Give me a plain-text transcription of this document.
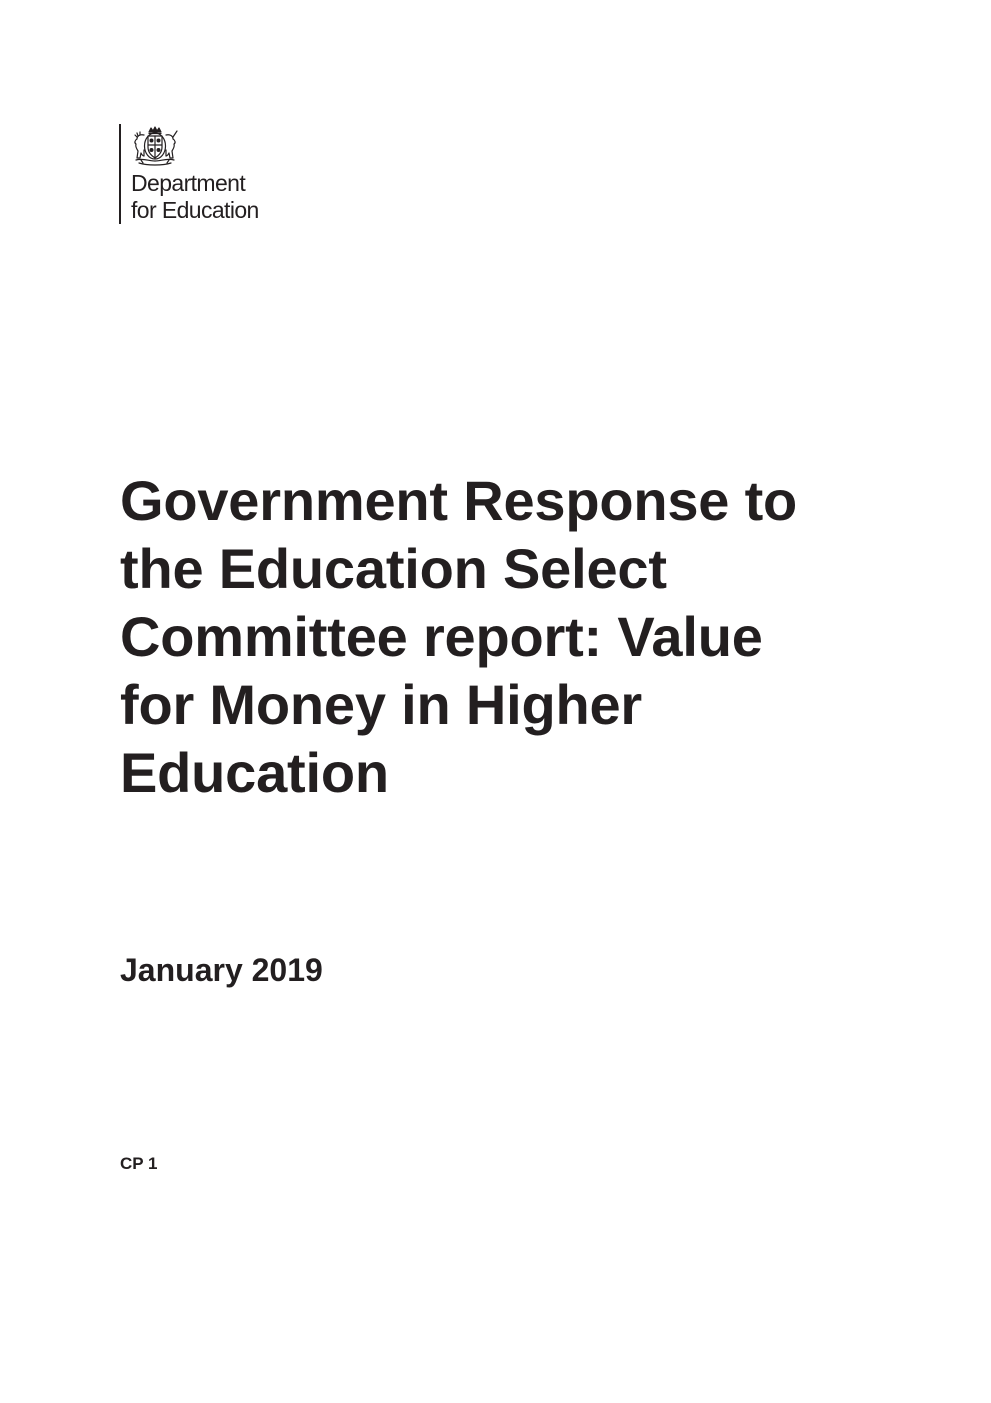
Department
for Education
Government Response to
the Education Select
Committee report: Value
for Money in Higher
Education
January 2019
CP 1
